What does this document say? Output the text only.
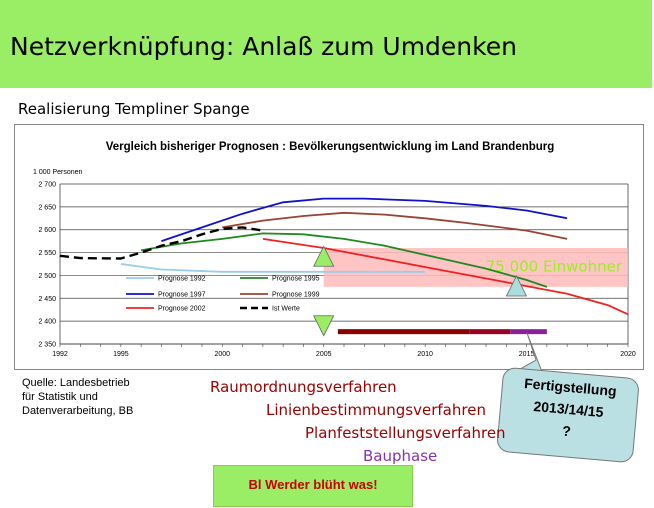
Netzverknüpfung: Anlaß zum Umdenken
Realisierung Templiner Spange
Vergleich bisheriger Prognosen : Bevölkerungsentwicklung im Land Brandenburg
1 000 Personen
2 350
2 400
2 450
2 500
2 550
2 600
2 650
2 700
1992	1995	2000	2005	2010	2015	2020
-75 000 Einwohner
Prognose 1992	Prognose 1995
Prognose 1997	Prognose 1999
Prognose 2002	Ist Werte
Fertigstellung
2013/14/15
?
Quelle: Landesbetrieb
für Statistik und
Datenverarbeitung, BB
Raumordnungsverfahren
Linienbestimmungsverfahren
Planfeststellungsverfahren
Bauphase
Bl Werder blüht was!
